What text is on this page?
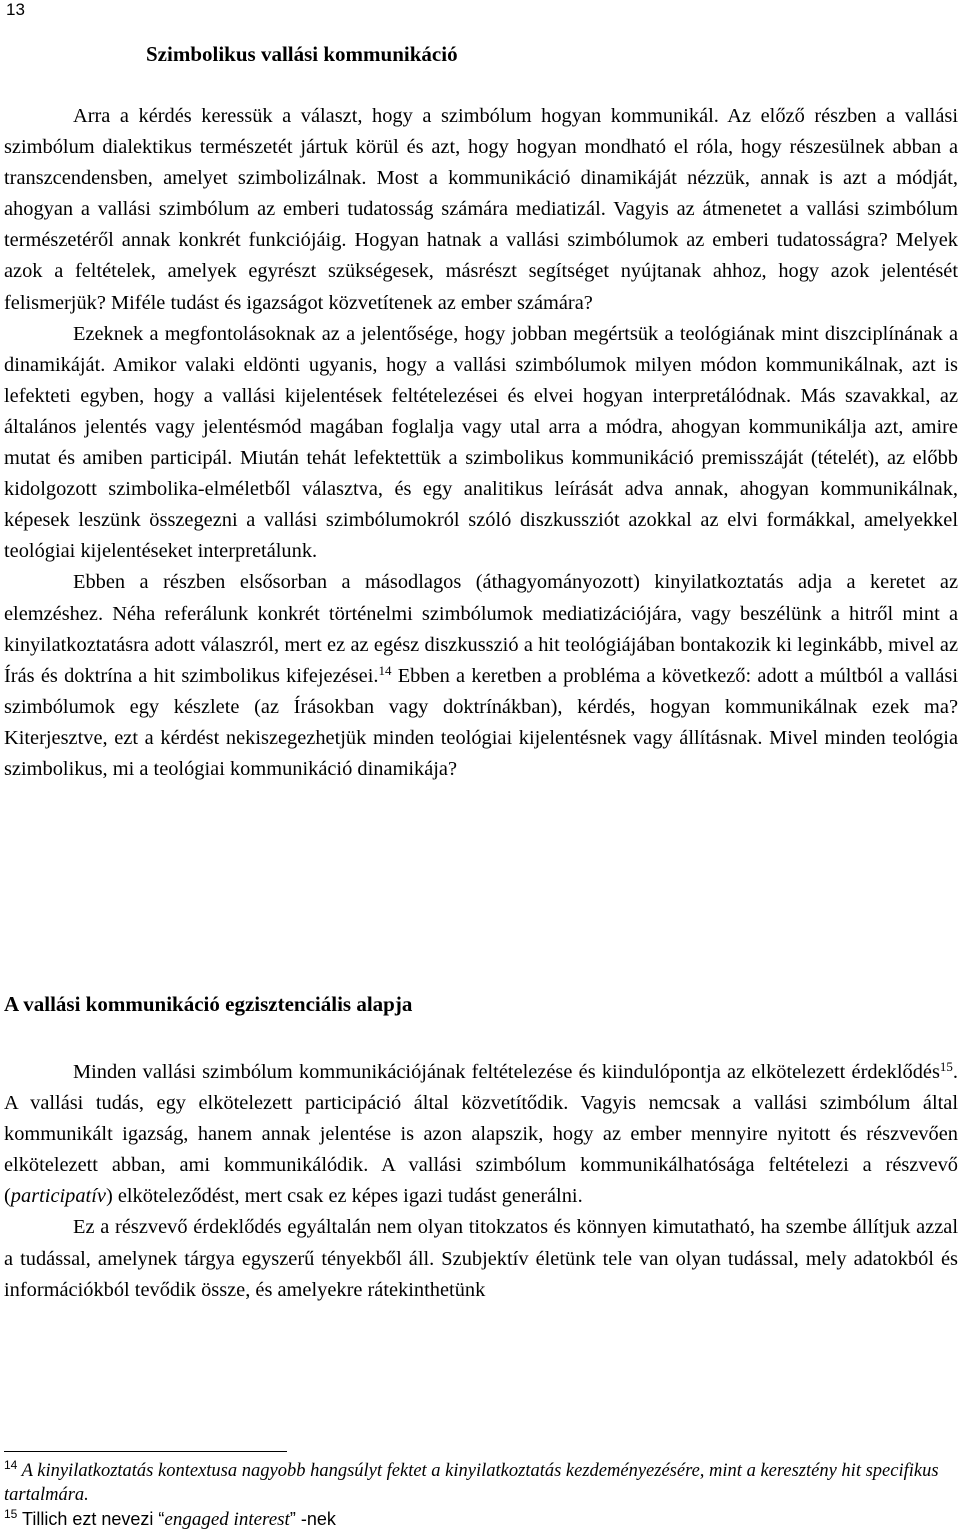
13
Szimbolikus vallási kommunikáció

Arra a kérdés keressük a választ, hogy a szimbólum hogyan kommunikál. Az előző részben a vallási szimbólum dialektikus természetét jártuk körül és azt, hogy hogyan mondható el róla, hogy részesülnek abban a transzcendensben, amelyet szimbolizálnak. Most a kommunikáció dinamikáját nézzük, annak is azt a módját, ahogyan a vallási szimbólum az emberi tudatosság számára mediatizál. Vagyis az átmenetet a vallási szimbólum természetéről annak konkrét funkciójáig. Hogyan hatnak a vallási szimbólumok az emberi tudatosságra? Melyek azok a feltételek, amelyek egyrészt szükségesek, másrészt segítséget nyújtanak ahhoz, hogy azok jelentését felismerjük? Miféle tudást és igazságot közvetítenek az ember számára?

Ezeknek a megfontolásoknak az a jelentősége, hogy jobban megértsük a teológiának mint diszciplínának a dinamikáját. Amikor valaki eldönti ugyanis, hogy a vallási szimbólumok milyen módon kommunikálnak, azt is lefekteti egyben, hogy a vallási kijelentések feltételezései és elvei hogyan interpretálódnak. Más szavakkal, az általános jelentés vagy jelentésmód magában foglalja vagy utal arra a módra, ahogyan kommunikálja azt, amire mutat és amiben participál. Miután tehát lefektettük a szimbolikus kommunikáció premisszáját (tételét), az előbb kidolgozott szimbolika-elméletből választva, és egy analitikus leírását adva annak, ahogyan kommunikálnak, képesek leszünk összegezni a vallási szimbólumokról szóló diszkussziót azokkal az elvi formákkal, amelyekkel teológiai kijelentéseket interpretálunk.

Ebben a részben elsősorban a másodlagos (áthagyományozott) kinyilatkoztatás adja a keretet az elemzéshez. Néha referálunk konkrét történelmi szimbólumok mediatizációjára, vagy beszélünk a hitről mint a kinyilatkoztatásra adott válaszról, mert ez az egész diszkusszió a hit teológiájában bontakozik ki leginkább, mivel az Írás és doktrína a hit szimbolikus kifejezései.$^{14}$ Ebben a keretben a probléma a következő: adott a múltból a vallási szimbólumok egy készlete (az Írásokban vagy doktrínákban), kérdés, hogyan kommunikálnak ezek ma? Kiterjesztve, ezt a kérdést nekiszegezhetjük minden teológiai kijelentésnek vagy állításnak. Mivel minden teológia szimbolikus, mi a teológiai kommunikáció dinamikája?

A vallási kommunikáció egzisztenciális alapja

Minden vallási szimbólum kommunikációjának feltételezése és kiindulópontja az elkötelezett érdeklődés$^{15}$. A vallási tudás, egy elkötelezett participáció által közvetítődik. Vagyis nemcsak a vallási szimbólum által kommunikált igazság, hanem annak jelentése is azon alapszik, hogy az ember mennyire nyitott és részvevően elkötelezett abban, ami kommunikálódik. A vallási szimbólum kommunikálhatósága feltételezi a részvevő (participatív) elköteleződést, mert csak ez képes igazi tudást generálni.

Ez a részvevő érdeklődés egyáltalán nem olyan titokzatos és könnyen kimutatható, ha szembe állítjuk azzal a tudással, amelynek tárgya egyszerű tényekből áll. Szubjektív életünk tele van olyan tudással, mely adatokból és információkból tevődik össze, és amelyekre rátekinthetünk

$^{14}$ A kinyilatkoztatás kontextusa nagyobb hangsúlyt fektet a kinyilatkoztatás kezdeményezésére, mint a keresztény hit specifikus tartalmára.

$^{15}$ Tillich ezt nevezi “engaged interest” -nek
